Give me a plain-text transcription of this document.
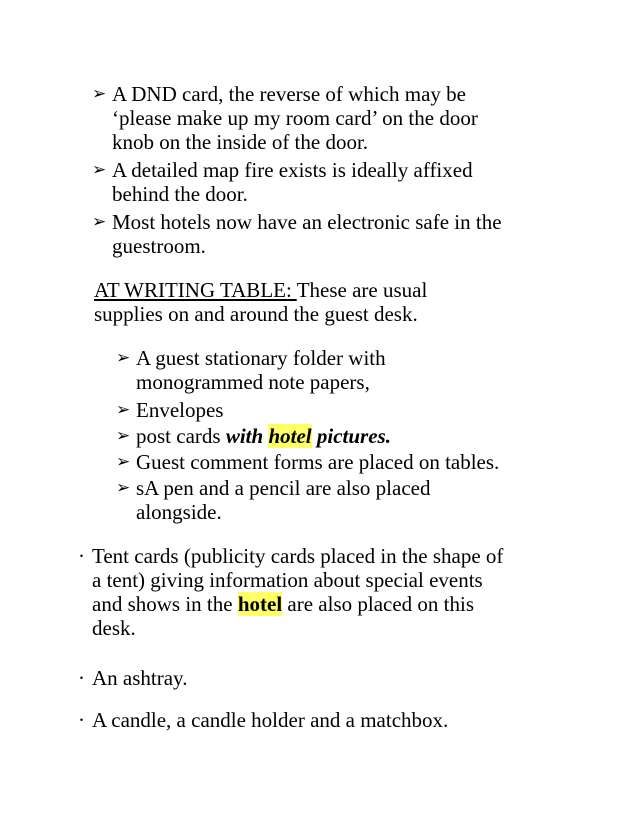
➢ A DND card, the reverse of which may be
‘please make up my room card’ on the door
knob on the inside of the door.
➢ A detailed map fire exists is ideally affixed
behind the door.
➢ Most hotels now have an electronic safe in the
guestroom.
AT WRITING TABLE: These are usual
supplies on and around the guest desk.
➢ A guest stationary folder with
monogrammed note papers,
➢ Envelopes
➢ post cards with hotel pictures.
➢ Guest comment forms are placed on tables.
➢ sA pen and a pencil are also placed
alongside.
· Tent cards (publicity cards placed in the shape of
a tent) giving information about special events
and shows in the hotel are also placed on this
desk.
· An ashtray.
· A candle, a candle holder and a matchbox.
